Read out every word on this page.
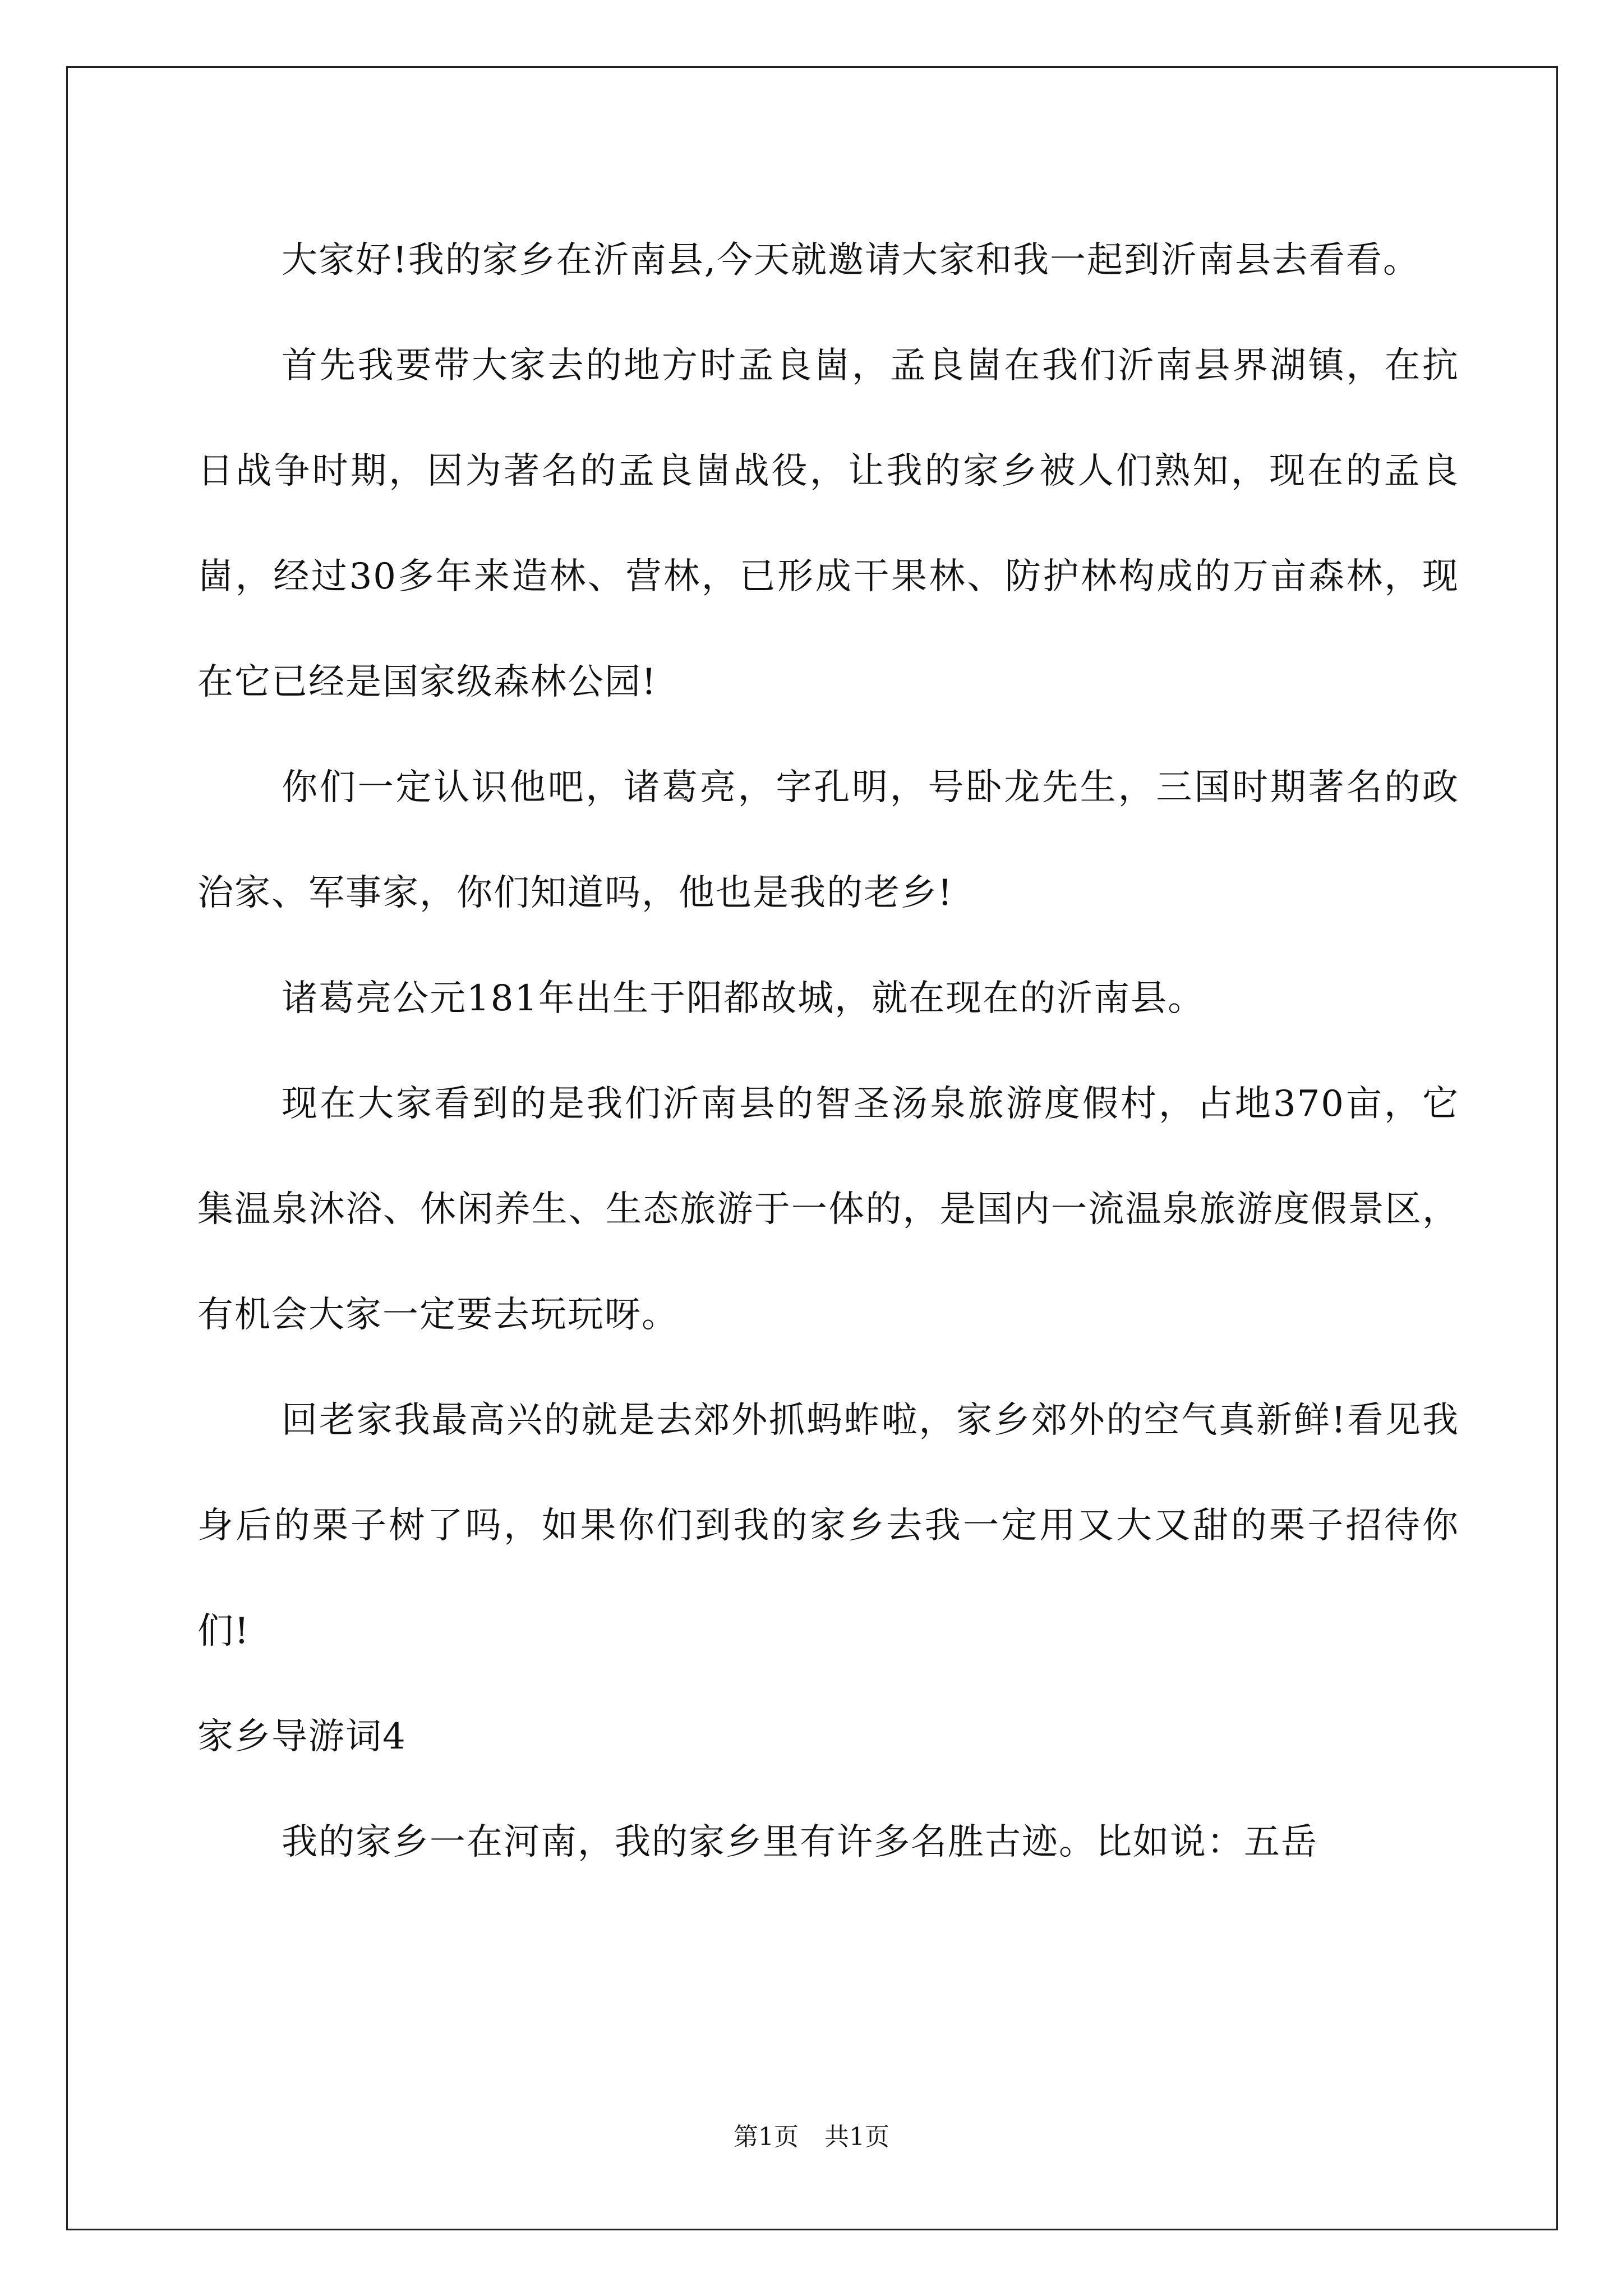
大家好!我的家乡在沂南县,今天就邀请大家和我一起到沂南县去看看。

首先我要带大家去的地方时孟良崮，孟良崮在我们沂南县界湖镇，在抗日战争时期，因为著名的孟良崮战役，让我的家乡被人们熟知，现在的孟良崮，经过30多年来造林、营林，已形成干果林、防护林构成的万亩森林，现在它已经是国家级森林公园!

你们一定认识他吧，诸葛亮，字孔明，号卧龙先生，三国时期著名的政治家、军事家，你们知道吗，他也是我的老乡!

诸葛亮公元181年出生于阳都故城，就在现在的沂南县。

现在大家看到的是我们沂南县的智圣汤泉旅游度假村，占地370亩，它集温泉沐浴、休闲养生、生态旅游于一体的，是国内一流温泉旅游度假景区，有机会大家一定要去玩玩呀。

回老家我最高兴的就是去郊外抓蚂蚱啦，家乡郊外的空气真新鲜!看见我身后的栗子树了吗，如果你们到我的家乡去我一定用又大又甜的栗子招待你们!

家乡导游词4

我的家乡一在河南，我的家乡里有许多名胜古迹。比如说：五岳

第1页 共1页
